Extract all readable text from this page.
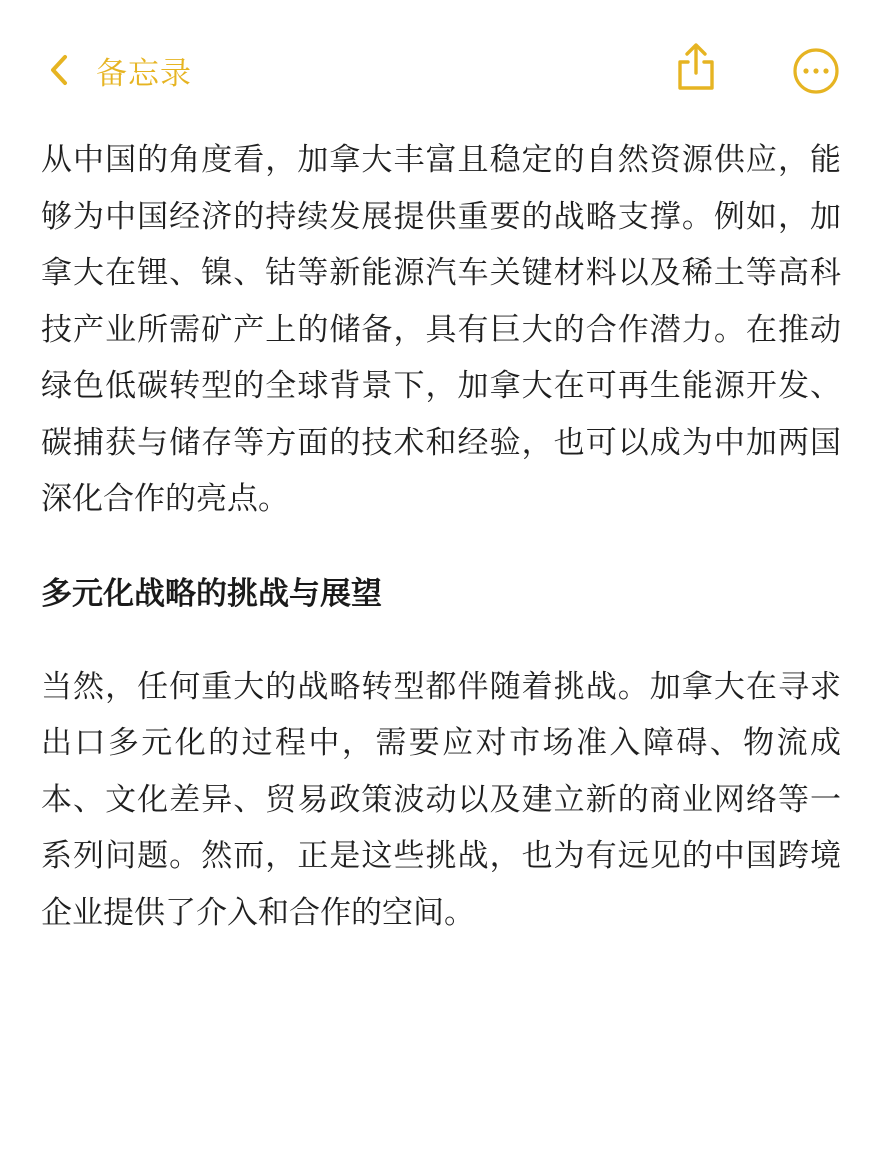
备忘录

从中国的角度看，加拿大丰富且稳定的自然资源供应，能够为中国经济的持续发展提供重要的战略支撑。例如，加拿大在锂、镍、钴等新能源汽车关键材料以及稀土等高科技产业所需矿产上的储备，具有巨大的合作潜力。在推动绿色低碳转型的全球背景下，加拿大在可再生能源开发、碳捕获与储存等方面的技术和经验，也可以成为中加两国深化合作的亮点。

多元化战略的挑战与展望

当然，任何重大的战略转型都伴随着挑战。加拿大在寻求出口多元化的过程中，需要应对市场准入障碍、物流成本、文化差异、贸易政策波动以及建立新的商业网络等一系列问题。然而，正是这些挑战，也为有远见的中国跨境企业提供了介入和合作的空间。
